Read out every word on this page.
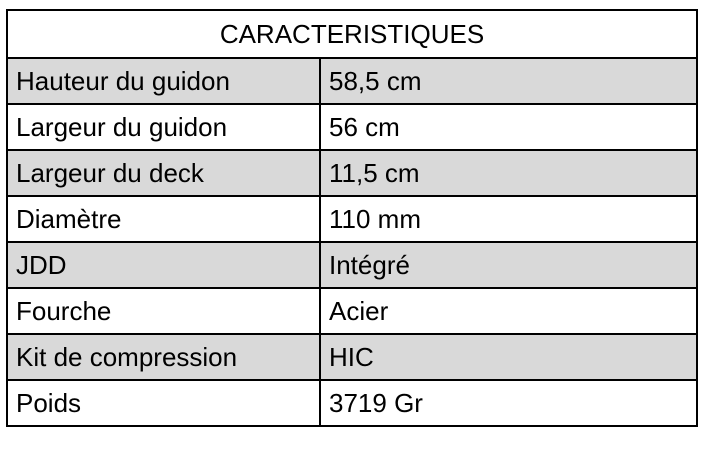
CARACTERISTIQUES	
Hauteur du guidon	58,5 cm
Largeur du guidon	56 cm
Largeur du deck	11,5 cm
Diamètre	110 mm
JDD	Intégré
Fourche	Acier
Kit de compression	HIC
Poids	3719 Gr
